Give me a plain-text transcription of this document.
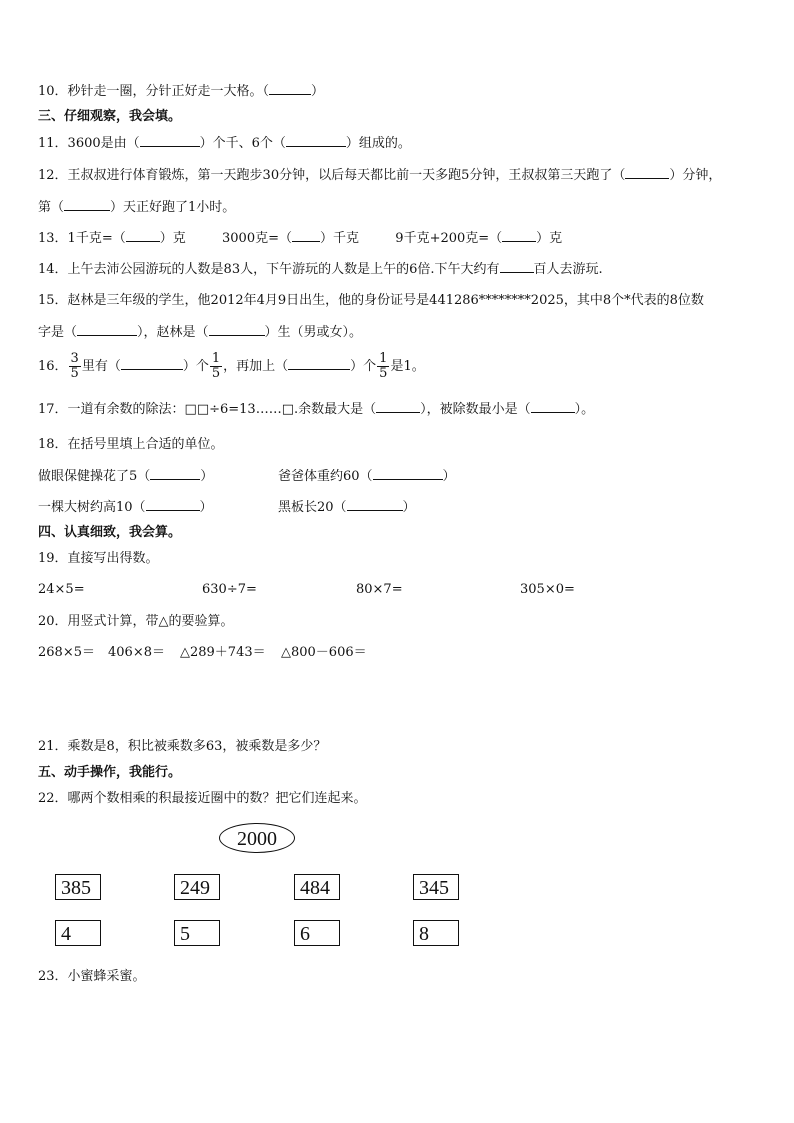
10．秒针走一圈，分针正好走一大格。（	）
三、仔细观察，我会填。
11．3600是由（	）个千、6个（	）组成的。
12．王叔叔进行体育锻炼，第一天跑步30分钟，以后每天都比前一天多跑5分钟，王叔叔第三天跑了（	）分钟，
第（	）天正好跑了1小时。
13．1千克=（	）克	3000克=（ ）千克	9千克+200克=（	）克
14．上午去沛公园游玩的人数是83人，下午游玩的人数是上午的6倍.下午大约有	百人去游玩.
15．赵林是三年级的学生，他2012年4月9日出生，他的身份证号是441286********2025，其中8个*代表的8位数
字是（	），赵林是（	）生（男或女）。
16． $\frac{3}{5}$ 里有（	）个 $\frac{1}{5}$ ，再加上（	）个 $\frac{1}{5}$ 是1。
17．一道有余数的除法：□□÷6=13……□.余数最大是（	），被除数最小是（	）。
18．在括号里填上合适的单位。
做眼保健操花了5（	）	爸爸体重约60（	）
一棵大树约高10（	）	黑板长20（	）
四、认真细致，我会算。
19．直接写出得数。
24×5=	630÷7=	80×7=	305×0=
20．用竖式计算，带△的要验算。
268×5＝ 406×8＝ △289＋743＝ △800－606＝
21．乘数是8，积比被乘数多63，被乘数是多少？
五、动手操作，我能行。
22．哪两个数相乘的积最接近圈中的数？把它们连起来。
2000
385	249	484	345
4	5	6	8
23．小蜜蜂采蜜。
